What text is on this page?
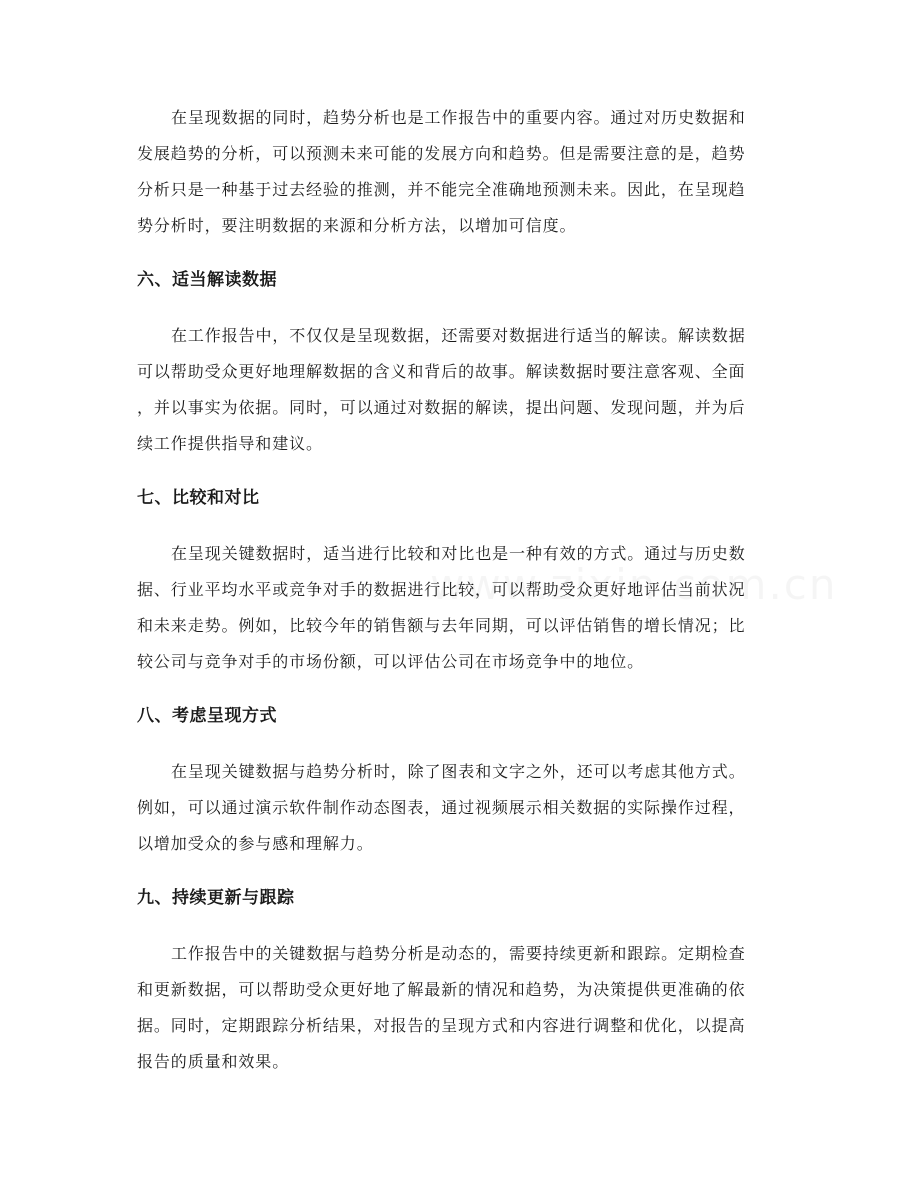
在呈现数据的同时，趋势分析也是工作报告中的重要内容。通过对历史数据和
发展趋势的分析，可以预测未来可能的发展方向和趋势。但是需要注意的是，趋势
分析只是一种基于过去经验的推测，并不能完全准确地预测未来。因此，在呈现趋
势分析时，要注明数据的来源和分析方法，以增加可信度。

六、适当解读数据

在工作报告中，不仅仅是呈现数据，还需要对数据进行适当的解读。解读数据
可以帮助受众更好地理解数据的含义和背后的故事。解读数据时要注意客观、全面
，并以事实为依据。同时，可以通过对数据的解读，提出问题、发现问题，并为后
续工作提供指导和建议。

七、比较和对比

在呈现关键数据时，适当进行比较和对比也是一种有效的方式。通过与历史数
据、行业平均水平或竞争对手的数据进行比较，可以帮助受众更好地评估当前状况
和未来走势。例如，比较今年的销售额与去年同期，可以评估销售的增长情况；比
较公司与竞争对手的市场份额，可以评估公司在市场竞争中的地位。

八、考虑呈现方式

在呈现关键数据与趋势分析时，除了图表和文字之外，还可以考虑其他方式。
例如，可以通过演示软件制作动态图表，通过视频展示相关数据的实际操作过程，
以增加受众的参与感和理解力。

九、持续更新与跟踪

工作报告中的关键数据与趋势分析是动态的，需要持续更新和跟踪。定期检查
和更新数据，可以帮助受众更好地了解最新的情况和趋势，为决策提供更准确的依
据。同时，定期跟踪分析结果，对报告的呈现方式和内容进行调整和优化，以提高
报告的质量和效果。
